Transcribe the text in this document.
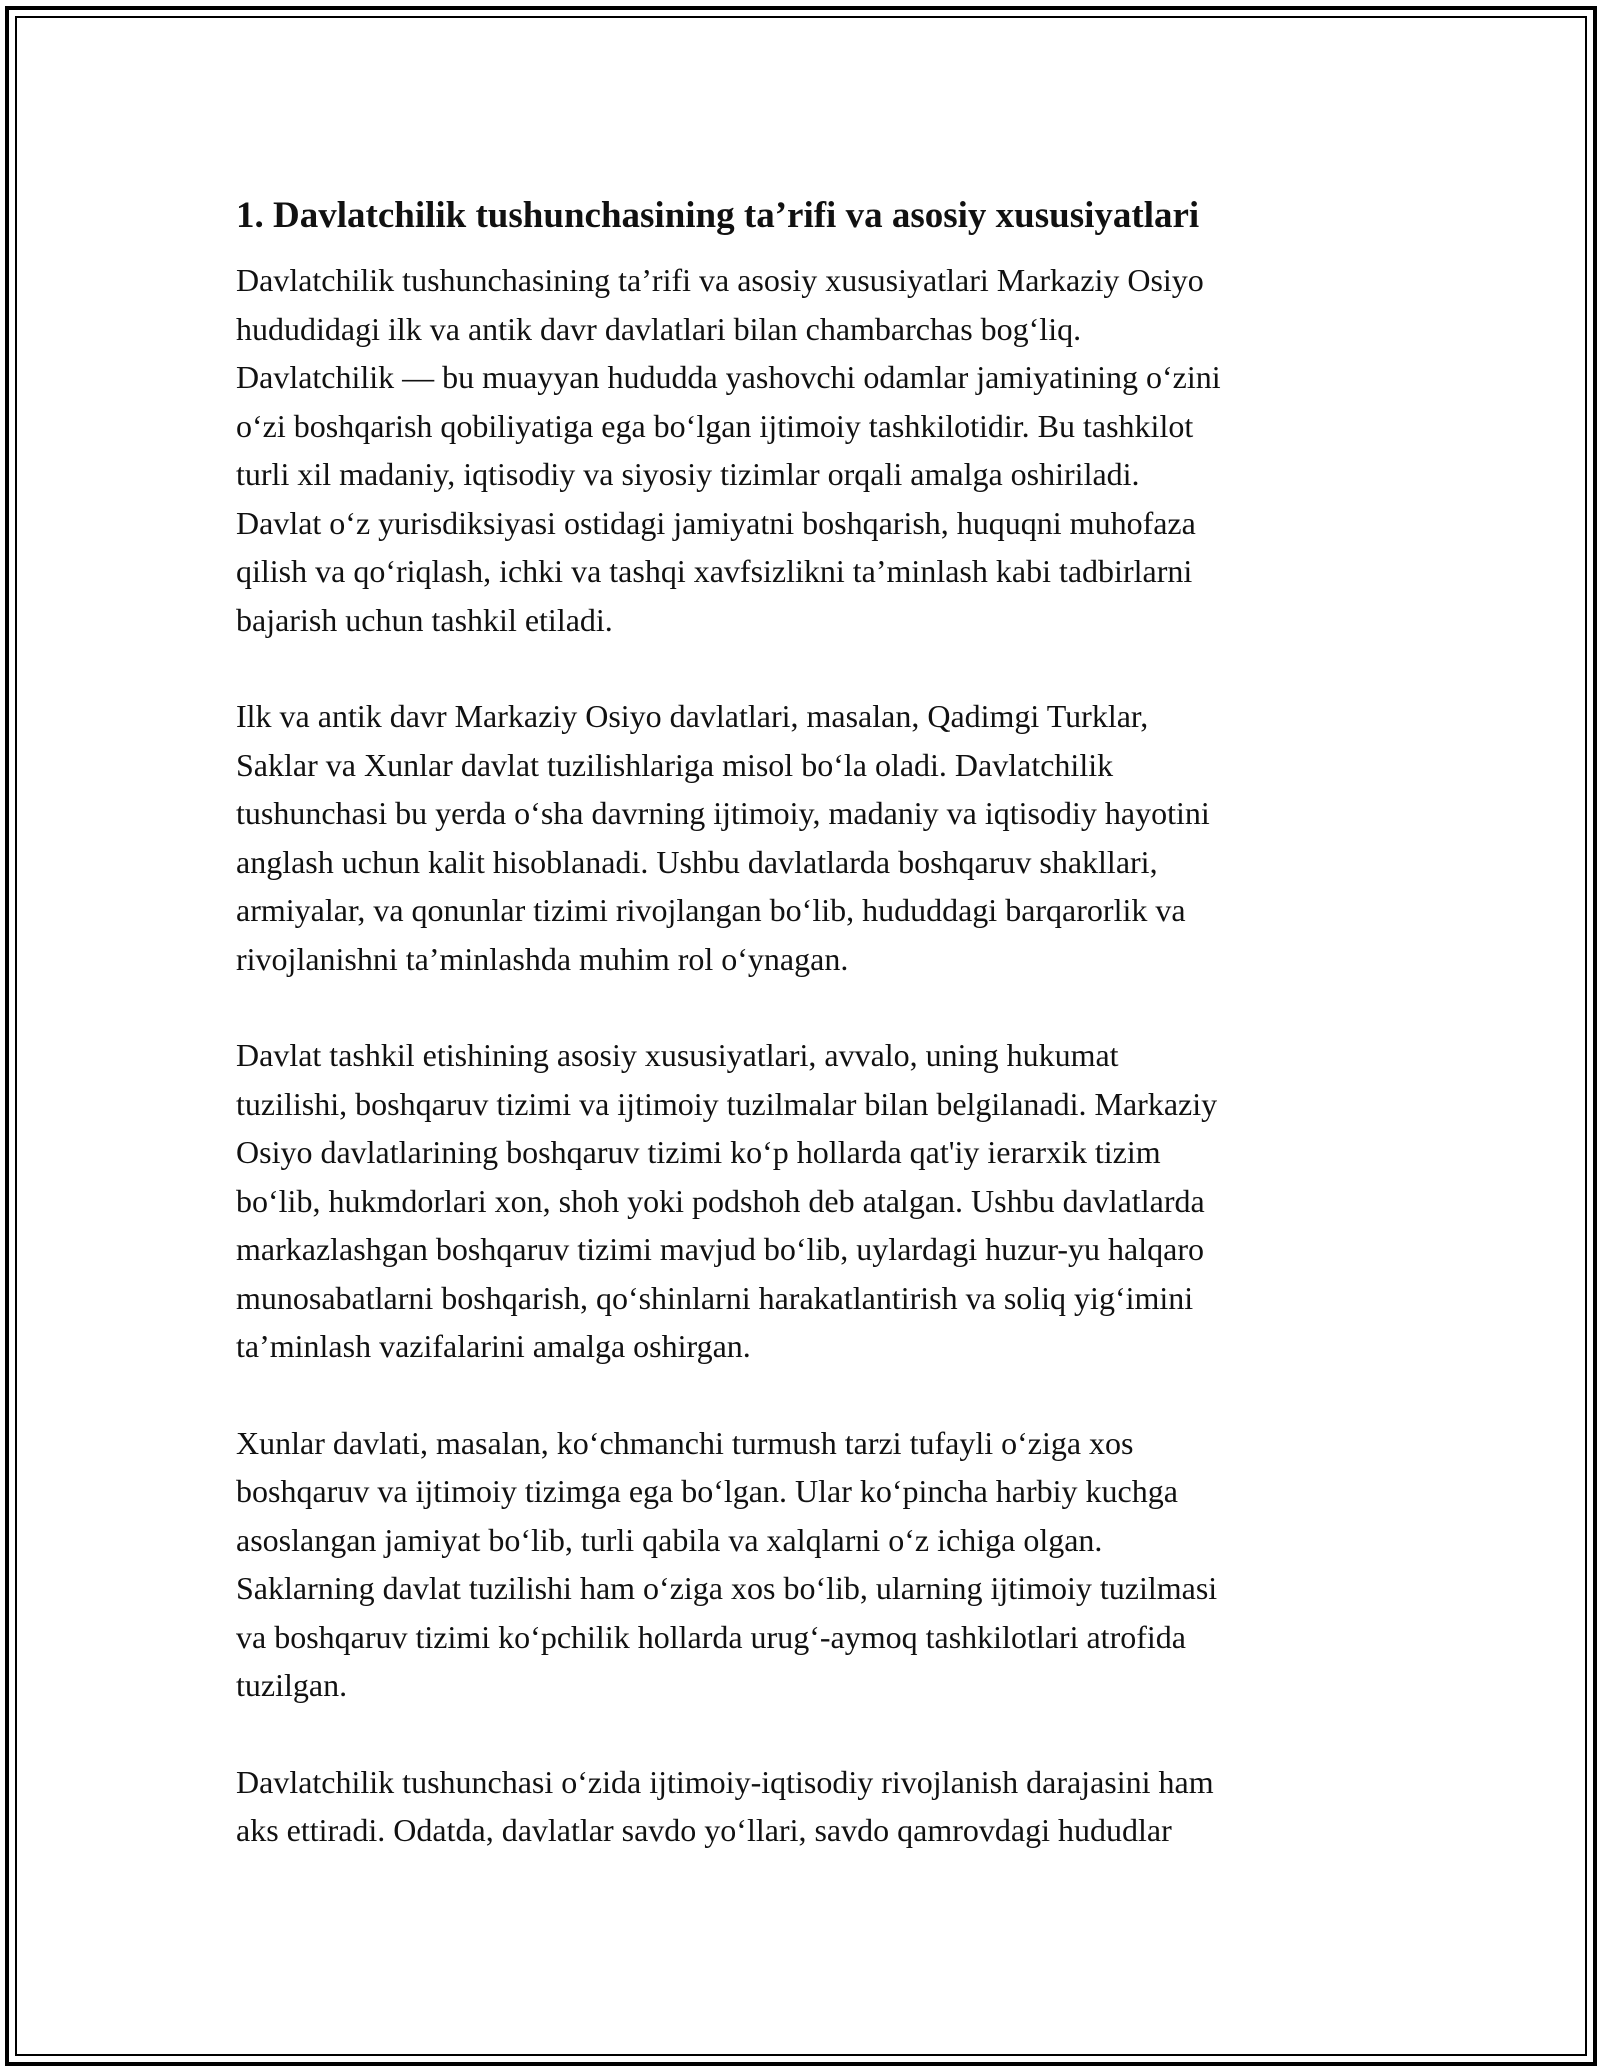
1. Davlatchilik tushunchasining ta’rifi va asosiy xususiyatlari

Davlatchilik tushunchasining ta’rifi va asosiy xususiyatlari Markaziy Osiyo
hududidagi ilk va antik davr davlatlari bilan chambarchas bog‘liq.
Davlatchilik — bu muayyan hududda yashovchi odamlar jamiyatining o‘zini
o‘zi boshqarish qobiliyatiga ega bo‘lgan ijtimoiy tashkilotidir. Bu tashkilot
turli xil madaniy, iqtisodiy va siyosiy tizimlar orqali amalga oshiriladi.
Davlat o‘z yurisdiksiyasi ostidagi jamiyatni boshqarish, huquqni muhofaza
qilish va qo‘riqlash, ichki va tashqi xavfsizlikni ta’minlash kabi tadbirlarni
bajarish uchun tashkil etiladi.

Ilk va antik davr Markaziy Osiyo davlatlari, masalan, Qadimgi Turklar,
Saklar va Xunlar davlat tuzilishlariga misol bo‘la oladi. Davlatchilik
tushunchasi bu yerda o‘sha davrning ijtimoiy, madaniy va iqtisodiy hayotini
anglash uchun kalit hisoblanadi. Ushbu davlatlarda boshqaruv shakllari,
armiyalar, va qonunlar tizimi rivojlangan bo‘lib, hududdagi barqarorlik va
rivojlanishni ta’minlashda muhim rol o‘ynagan.

Davlat tashkil etishining asosiy xususiyatlari, avvalo, uning hukumat
tuzilishi, boshqaruv tizimi va ijtimoiy tuzilmalar bilan belgilanadi. Markaziy
Osiyo davlatlarining boshqaruv tizimi ko‘p hollarda qat'iy ierarxik tizim
bo‘lib, hukmdorlari xon, shoh yoki podshoh deb atalgan. Ushbu davlatlarda
markazlashgan boshqaruv tizimi mavjud bo‘lib, uylardagi huzur-yu halqaro
munosabatlarni boshqarish, qo‘shinlarni harakatlantirish va soliq yig‘imini
ta’minlash vazifalarini amalga oshirgan.

Xunlar davlati, masalan, ko‘chmanchi turmush tarzi tufayli o‘ziga xos
boshqaruv va ijtimoiy tizimga ega bo‘lgan. Ular ko‘pincha harbiy kuchga
asoslangan jamiyat bo‘lib, turli qabila va xalqlarni o‘z ichiga olgan.
Saklarning davlat tuzilishi ham o‘ziga xos bo‘lib, ularning ijtimoiy tuzilmasi
va boshqaruv tizimi ko‘pchilik hollarda urug‘-aymoq tashkilotlari atrofida
tuzilgan.

Davlatchilik tushunchasi o‘zida ijtimoiy-iqtisodiy rivojlanish darajasini ham
aks ettiradi. Odatda, davlatlar savdo yo‘llari, savdo qamrovdagi hududlar
